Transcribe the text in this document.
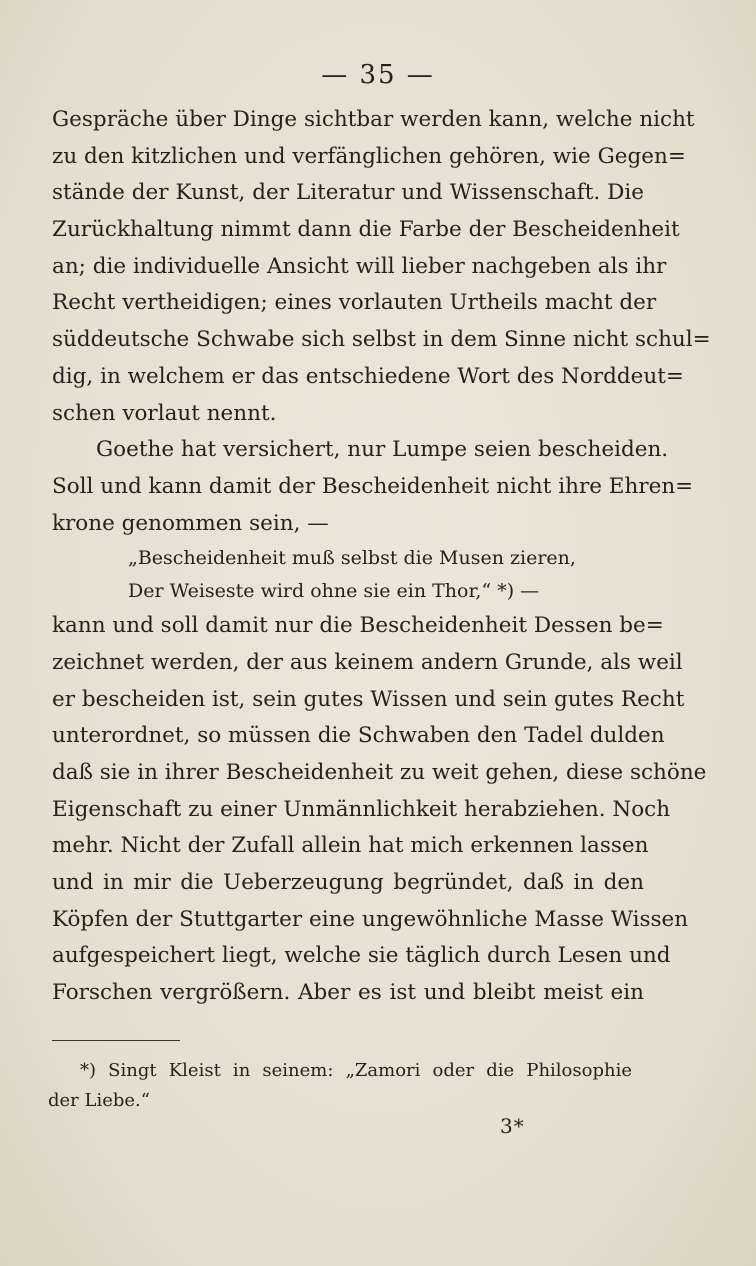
— 35 —
Gespräche über Dinge sichtbar werden kann, welche nicht
zu den kitzlichen und verfänglichen gehören, wie Gegen=
stände der Kunst, der Literatur und Wissenschaft. Die
Zurückhaltung nimmt dann die Farbe der Bescheidenheit
an; die individuelle Ansicht will lieber nachgeben als ihr
Recht vertheidigen; eines vorlauten Urtheils macht der
süddeutsche Schwabe sich selbst in dem Sinne nicht schul=
dig, in welchem er das entschiedene Wort des Norddeut=
schen vorlaut nennt.
Goethe hat versichert, nur Lumpe seien bescheiden.
Soll und kann damit der Bescheidenheit nicht ihre Ehren=
krone genommen sein, —
„Bescheidenheit muß selbst die Musen zieren,
Der Weiseste wird ohne sie ein Thor,“ *) —
kann und soll damit nur die Bescheidenheit Dessen be=
zeichnet werden, der aus keinem andern Grunde, als weil
er bescheiden ist, sein gutes Wissen und sein gutes Recht
unterordnet, so müssen die Schwaben den Tadel dulden
daß sie in ihrer Bescheidenheit zu weit gehen, diese schöne
Eigenschaft zu einer Unmännlichkeit herabziehen. Noch
mehr. Nicht der Zufall allein hat mich erkennen lassen
und in mir die Ueberzeugung begründet, daß in den
Köpfen der Stuttgarter eine ungewöhnliche Masse Wissen
aufgespeichert liegt, welche sie täglich durch Lesen und
Forschen vergrößern. Aber es ist und bleibt meist ein
*) Singt Kleist in seinem: „Zamori oder die Philosophie
der Liebe.“
3*
